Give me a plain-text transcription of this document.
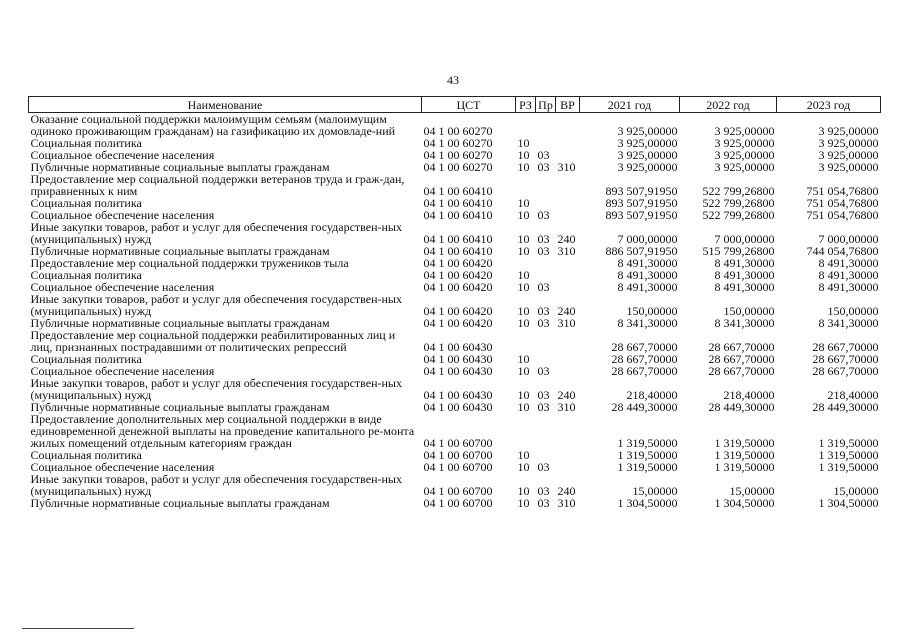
43
Наименование	ЦСТ	РЗ	Пр	ВР	2021 год	2022 год	2023 год
Оказание социальной поддержки малоимущим семьям (малоимущим одиноко проживающим гражданам) на газификацию их домовладе-ний	04 1 00 60270				3 925,00000	3 925,00000	3 925,00000
Социальная политика	04 1 00 60270	10			3 925,00000	3 925,00000	3 925,00000
Социальное обеспечение населения	04 1 00 60270	10	03		3 925,00000	3 925,00000	3 925,00000
Публичные нормативные социальные выплаты гражданам	04 1 00 60270	10	03	310	3 925,00000	3 925,00000	3 925,00000
Предоставление мер социальной поддержки ветеранов труда и граж-дан, приравненных к ним	04 1 00 60410				893 507,91950	522 799,26800	751 054,76800
Социальная политика	04 1 00 60410	10			893 507,91950	522 799,26800	751 054,76800
Социальное обеспечение населения	04 1 00 60410	10	03		893 507,91950	522 799,26800	751 054,76800
Иные закупки товаров, работ и услуг для обеспечения государствен-ных (муниципальных) нужд	04 1 00 60410	10	03	240	7 000,00000	7 000,00000	7 000,00000
Публичные нормативные социальные выплаты гражданам	04 1 00 60410	10	03	310	886 507,91950	515 799,26800	744 054,76800
Предоставление мер социальной поддержки тружеников тыла	04 1 00 60420				8 491,30000	8 491,30000	8 491,30000
Социальная политика	04 1 00 60420	10			8 491,30000	8 491,30000	8 491,30000
Социальное обеспечение населения	04 1 00 60420	10	03		8 491,30000	8 491,30000	8 491,30000
Иные закупки товаров, работ и услуг для обеспечения государствен-ных (муниципальных) нужд	04 1 00 60420	10	03	240	150,00000	150,00000	150,00000
Публичные нормативные социальные выплаты гражданам	04 1 00 60420	10	03	310	8 341,30000	8 341,30000	8 341,30000
Предоставление мер социальной поддержки реабилитированных лиц и лиц, признанных пострадавшими от политических репрессий	04 1 00 60430				28 667,70000	28 667,70000	28 667,70000
Социальная политика	04 1 00 60430	10			28 667,70000	28 667,70000	28 667,70000
Социальное обеспечение населения	04 1 00 60430	10	03		28 667,70000	28 667,70000	28 667,70000
Иные закупки товаров, работ и услуг для обеспечения государствен-ных (муниципальных) нужд	04 1 00 60430	10	03	240	218,40000	218,40000	218,40000
Публичные нормативные социальные выплаты гражданам	04 1 00 60430	10	03	310	28 449,30000	28 449,30000	28 449,30000
Предоставление дополнительных мер социальной поддержки в виде единовременной денежной выплаты на проведение капитального ре-монта жилых помещений отдельным категориям граждан	04 1 00 60700				1 319,50000	1 319,50000	1 319,50000
Социальная политика	04 1 00 60700	10			1 319,50000	1 319,50000	1 319,50000
Социальное обеспечение населения	04 1 00 60700	10	03		1 319,50000	1 319,50000	1 319,50000
Иные закупки товаров, работ и услуг для обеспечения государствен-ных (муниципальных) нужд	04 1 00 60700	10	03	240	15,00000	15,00000	15,00000
Публичные нормативные социальные выплаты гражданам	04 1 00 60700	10	03	310	1 304,50000	1 304,50000	1 304,50000
